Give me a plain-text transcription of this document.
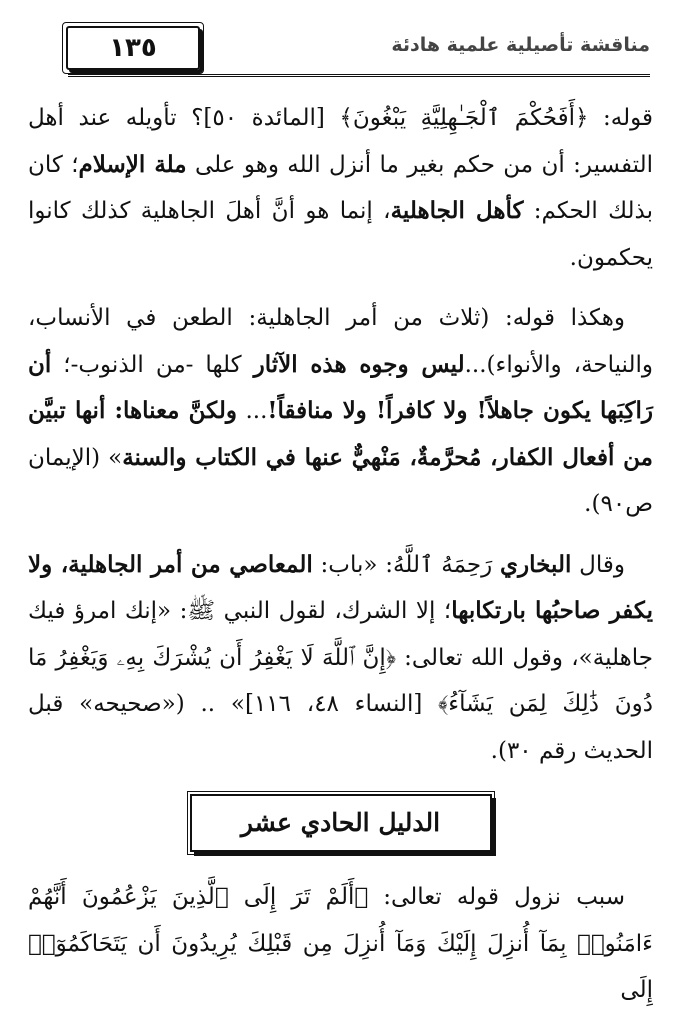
١٣٥	مناقشة تأصيلية علمية هادئة

قوله: ﴿أَفَحُكْمَ ٱلْجَـٰهِلِيَّةِ يَبْغُونَ﴾ [المائدة ٥٠]؟ تأويله عند أهل التفسير: أن من حكم بغير ما أنزل الله وهو على ملة الإسلام؛ كان بذلك الحكم: كأهل الجاهلية، إنما هو أنَّ أهلَ الجاهلية كذلك كانوا يحكمون.

وهكذا قوله: (ثلاث من أمر الجاهلية: الطعن في الأنساب، والنياحة، والأنواء)...ليس وجوه هذه الآثار كلها -من الذنوب-؛ أن رَاكِبَها يكون جاهلاً! ولا كافراً! ولا منافقاً!... ولكنَّ معناها: أنها تبيَّن من أفعال الكفار، مُحرَّمةٌ، مَنْهيٌّ عنها في الكتاب والسنة» (الإيمان ص٩٠).

وقال البخاري رَحِمَهُ ٱللَّهُ: «باب: المعاصي من أمر الجاهلية، ولا يكفر صاحبُها بارتكابها؛ إلا الشرك، لقول النبي ﷺ: «إنك امرؤ فيك جاهلية»، وقول الله تعالى: ﴿إِنَّ ٱللَّهَ لَا يَغْفِرُ أَن يُشْرَكَ بِهِۦ وَيَغْفِرُ مَا دُونَ ذَٰلِكَ لِمَن يَشَآءُ﴾ [النساء ٤٨، ١١٦]» .. («صحيحه» قبل الحديث رقم ٣٠).

الدليل الحادي عشر

سبب نزول قوله تعالى: ﴿أَلَمْ تَرَ إِلَى ٱلَّذِينَ يَزْعُمُونَ أَنَّهُمْ ءَامَنُوا۟ بِمَآ أُنزِلَ إِلَيْكَ وَمَآ أُنزِلَ مِن قَبْلِكَ يُرِيدُونَ أَن يَتَحَاكَمُوٓا۟ إِلَى
